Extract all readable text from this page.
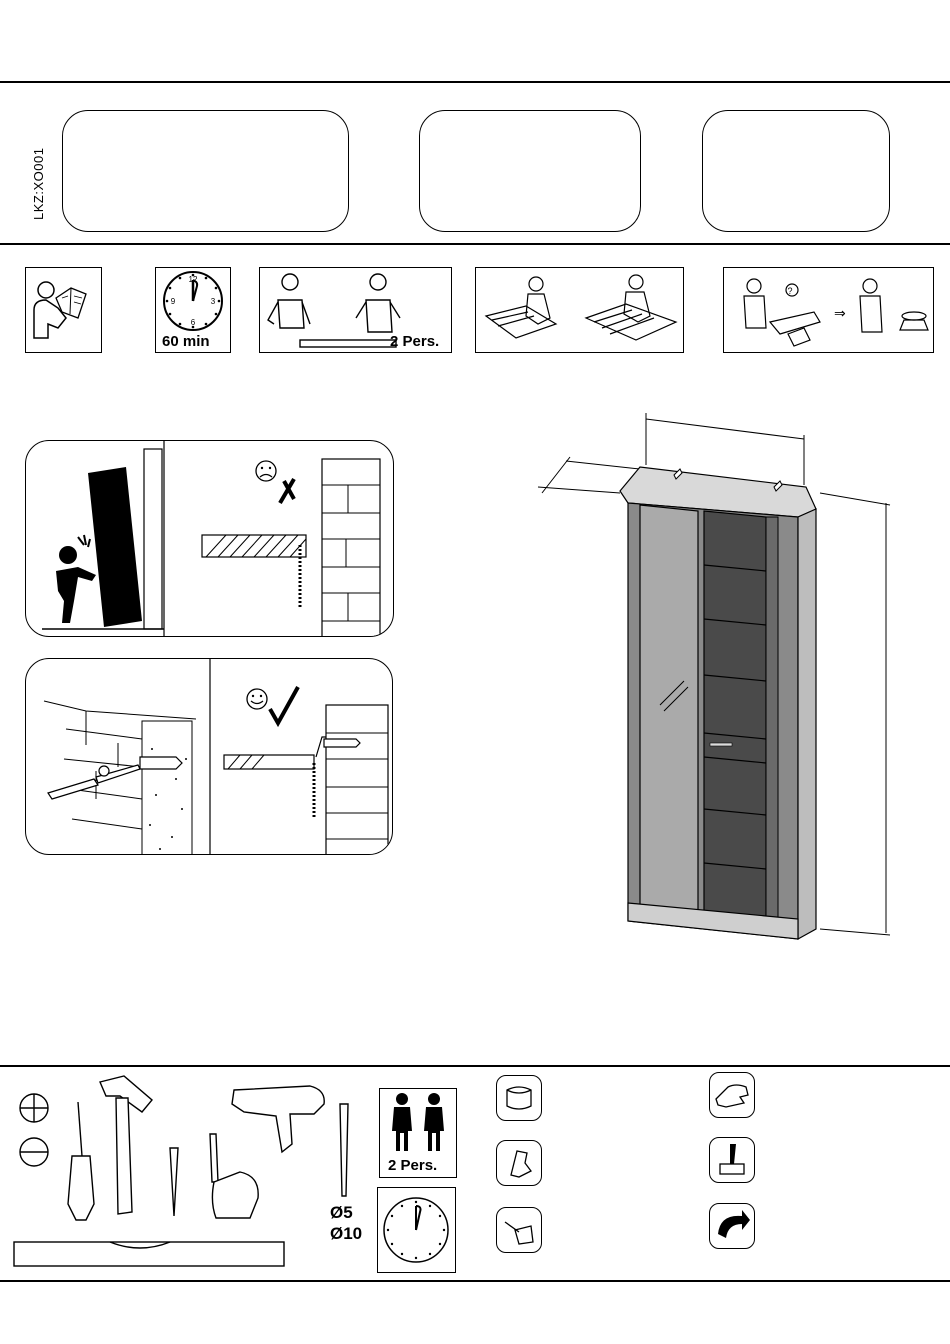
LKZ:XO001
12
3
6
9
60 min	2 Pers.
?
⇒
Ø5
Ø10
2 Pers.
